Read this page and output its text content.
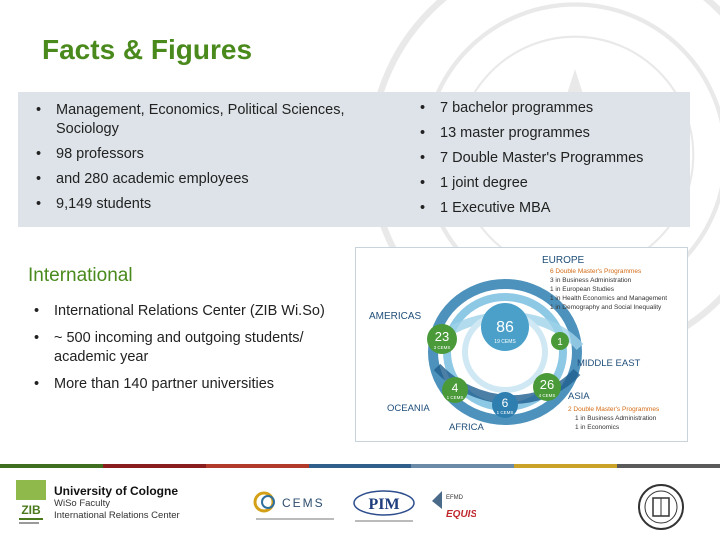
Facts & Figures
• Management, Economics, Political Sciences, Sociology
• 98 professors
• and 280 academic employees
• 9,149 students
• 7 bachelor programmes
• 13 master programmes
• 7 Double Master's Programmes
• 1 joint degree
• 1 Executive MBA
International
• International Relations Center (ZIB Wi.So)
• ~ 500 incoming and outgoing students/ academic year
• More than 140 partner universities
86
19 CEMS
23
3 CEMS	1
4
1 CEMS	6
1 CEMS
26
4 CEMS
EUROPE
6 Double Master's Programmes
3 in Business Administration
1 in European Studies
1 in Health Economics and Management
1 in Demography and Social Inequality
AMERICAS
MIDDLE EAST
ASIA
2 Double Master's Programmes
1 in Business Administration
1 in Economics
OCEANIA
AFRICA
ZIB
University of Cologne
WiSo Faculty
International Relations Center
CEMS	PIM	EFMD
EQUIS
